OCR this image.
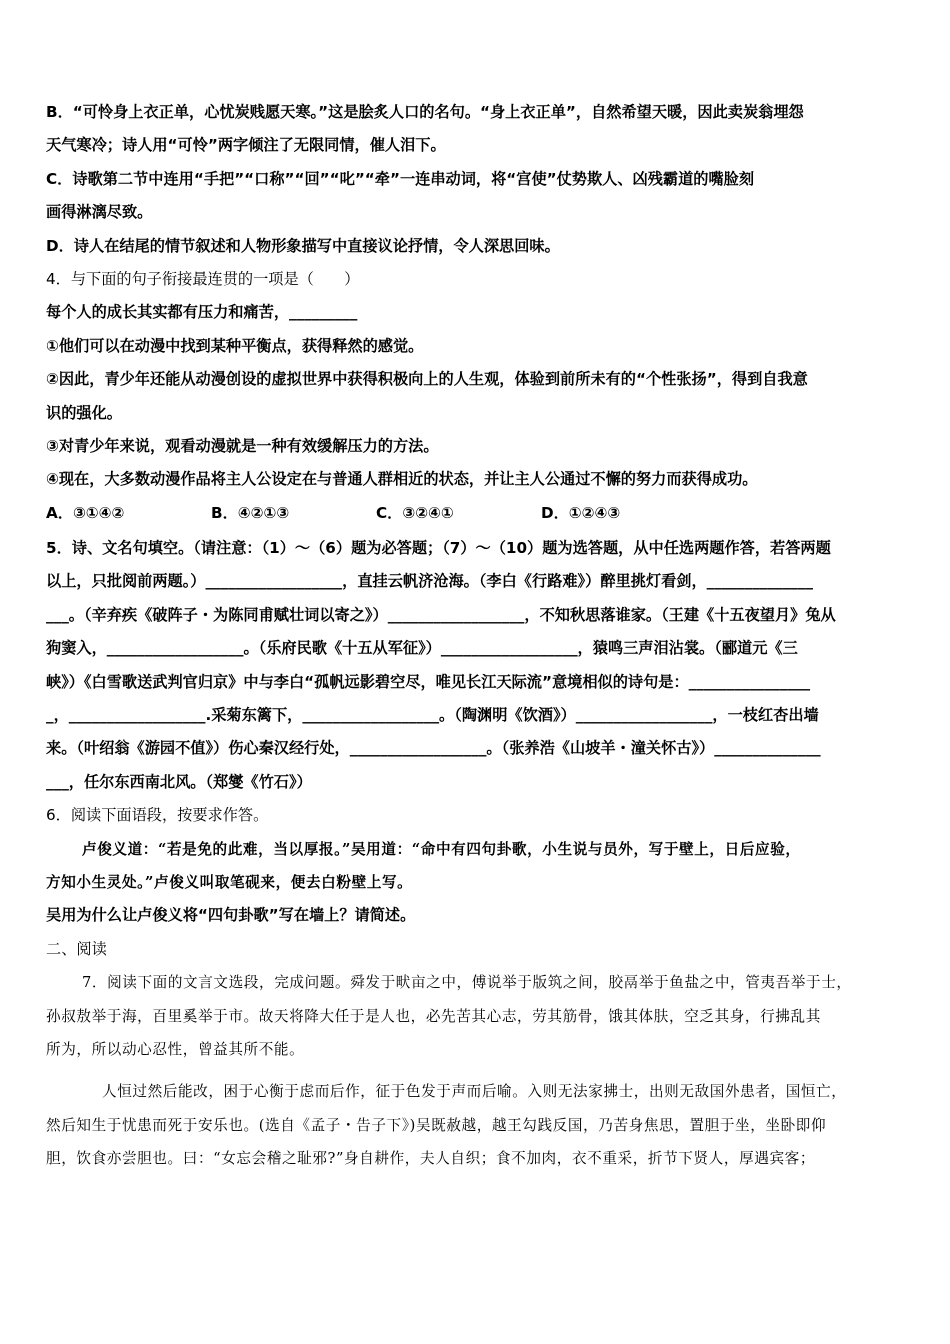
B．“可怜身上衣正单，心忧炭贱愿天寒。”这是脍炙人口的名句。“身上衣正单”，自然希望天暖，因此卖炭翁埋怨
天气寒冷；诗人用“可怜”两字倾注了无限同情，催人泪下。
C．诗歌第二节中连用“手把”“口称”“回”“叱”“牵”一连串动词，将“宫使”仗势欺人、凶残霸道的嘴脸刻
画得淋漓尽致。
D．诗人在结尾的情节叙述和人物形象描写中直接议论抒情，令人深思回味。
4．与下面的句子衔接最连贯的一项是（　　）
每个人的成长其实都有压力和痛苦，_________
①他们可以在动漫中找到某种平衡点，获得释然的感觉。
②因此，青少年还能从动漫创设的虚拟世界中获得积极向上的人生观，体验到前所未有的“个性张扬”，得到自我意
识的强化。
③对青少年来说，观看动漫就是一种有效缓解压力的方法。
④现在，大多数动漫作品将主人公设定在与普通人群相近的状态，并让主人公通过不懈的努力而获得成功。
A．③①④②	B．④②①③	C．③②④①	D．①②④③
5．诗、文名句填空。（请注意：（1）～（6）题为必答题；（7）～（10）题为选答题，从中任选两题作答，若答两题
以上，只批阅前两题。）__________________，直挂云帆济沧海。（李白《行路难》）醉里挑灯看剑，______________
___。（辛弃疾《破阵子・为陈同甫赋壮词以寄之》）__________________，不知秋思落谁家。（王建《十五夜望月》兔从
狗窦入，__________________。（乐府民歌《十五从军征》）__________________，猿鸣三声泪沾裳。（郦道元《三
峡》）《白雪歌送武判官归京》中与李白“孤帆远影碧空尽，唯见长江天际流”意境相似的诗句是：________________
_，__________________.采菊东篱下，__________________。（陶渊明《饮酒》）__________________，一枝红杏出墙
来。（叶绍翁《游园不值》）伤心秦汉经行处，__________________。（张养浩《山坡羊・潼关怀古》）______________
___，任尔东西南北风。（郑燮《竹石》）
6．阅读下面语段，按要求作答。
卢俊义道：“若是免的此难，当以厚报。”吴用道：“命中有四句卦歌，小生说与员外，写于壁上，日后应验，
方知小生灵处。”卢俊义叫取笔砚来，便去白粉壁上写。
吴用为什么让卢俊义将“四句卦歌”写在墙上？请简述。
二、阅读
7．阅读下面的文言文选段，完成问题。舜发于畎亩之中，傅说举于版筑之间，胶鬲举于鱼盐之中，管夷吾举于士，
孙叔敖举于海，百里奚举于市。故天将降大任于是人也，必先苦其心志，劳其筋骨，饿其体肤，空乏其身，行拂乱其
所为，所以动心忍性，曾益其所不能。
人恒过然后能改，困于心衡于虑而后作，征于色发于声而后喻。入则无法家拂士，出则无敌国外患者，国恒亡，
然后知生于忧患而死于安乐也。(选自《孟子・告子下》)吴既赦越，越王勾践反国，乃苦身焦思，置胆于坐，坐卧即仰
胆，饮食亦尝胆也。曰：“女忘会稽之耻邪?”身自耕作，夫人自织；食不加肉，衣不重采，折节下贤人，厚遇宾客；
